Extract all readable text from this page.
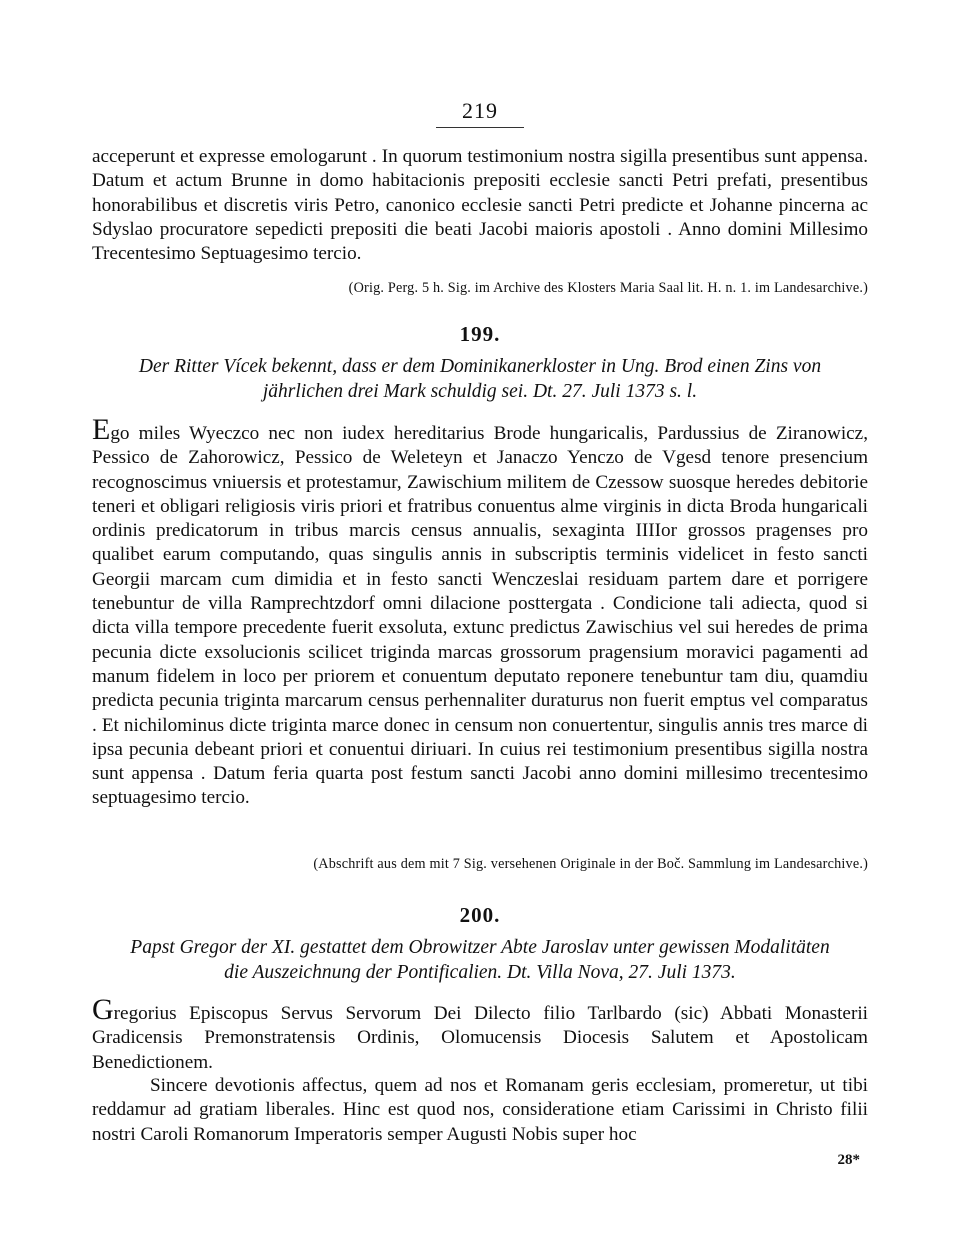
219

acceperunt et expresse emologarunt . In quorum testimonium nostra sigilla presentibus sunt appensa. Datum et actum Brunne in domo habitacionis prepositi ecclesie sancti Petri prefati, presentibus honorabilibus et discretis viris Petro, canonico ecclesie sancti Petri predicte et Johanne pincerna ac Sdyslao procuratore sepedicti prepositi die beati Jacobi maioris apostoli . Anno domini Millesimo Trecentesimo Septuagesimo tercio.

(Orig. Perg. 5 h. Sig. im Archive des Klosters Maria Saal lit. H. n. 1. im Landesarchive.)
199.
Der Ritter Vícek bekennt, dass er dem Dominikanerkloster in Ung. Brod einen Zins von
jährlichen drei Mark schuldig sei. Dt. 27. Juli 1373 s. l.

Ego miles Wyeczco nec non iudex hereditarius Brode hungaricalis, Pardussius de Ziranowicz, Pessico de Zahorowicz, Pessico de Weleteyn et Janaczo Yenczo de Vgesd tenore presencium recognoscimus vniuersis et protestamur, Zawischium militem de Czessow suosque heredes debitorie teneri et obligari religiosis viris priori et fratribus conuentus alme virginis in dicta Broda hungaricali ordinis predicatorum in tribus marcis census annualis, sexaginta IIIIor grossos pragenses pro qualibet earum computando, quas singulis annis in subscriptis terminis videlicet in festo sancti Georgii marcam cum dimidia et in festo sancti Wenczeslai residuam partem dare et porrigere tenebuntur de villa Ramprechtzdorf omni dilacione posttergata . Condicione tali adiecta, quod si dicta villa tempore precedente fuerit exsoluta, extunc predictus Zawischius vel sui heredes de prima pecunia dicte exsolucionis scilicet triginda marcas grossorum pragensium moravici pagamenti ad manum fidelem in loco per priorem et conuentum deputato reponere tenebuntur tam diu, quamdiu predicta pecunia triginta marcarum census perhennaliter duraturus non fuerit emptus vel comparatus . Et nichilominus dicte triginta marce donec in censum non conuertentur, singulis annis tres marce di ipsa pecunia debeant priori et conuentui diriuari. In cuius rei testimonium presentibus sigilla nostra sunt appensa . Datum feria quarta post festum sancti Jacobi anno domini millesimo trecentesimo septuagesimo tercio.

(Abschrift aus dem mit 7 Sig. versehenen Originale in der Boč. Sammlung im Landesarchive.)
200.
Papst Gregor der XI. gestattet dem Obrowitzer Abte Jaroslav unter gewissen Modalitäten
die Auszeichnung der Pontificalien. Dt. Villa Nova, 27. Juli 1373.

Gregorius Episcopus Servus Servorum Dei Dilecto filio Tarlbardo (sic) Abbati Monasterii Gradicensis Premonstratensis Ordinis, Olomucensis Diocesis Salutem et Apostolicam Benedictionem.

Sincere devotionis affectus, quem ad nos et Romanam geris ecclesiam, promeretur, ut tibi reddamur ad gratiam liberales. Hinc est quod nos, consideratione etiam Carissimi in Christo filii nostri Caroli Romanorum Imperatoris semper Augusti Nobis super hoc

28*
